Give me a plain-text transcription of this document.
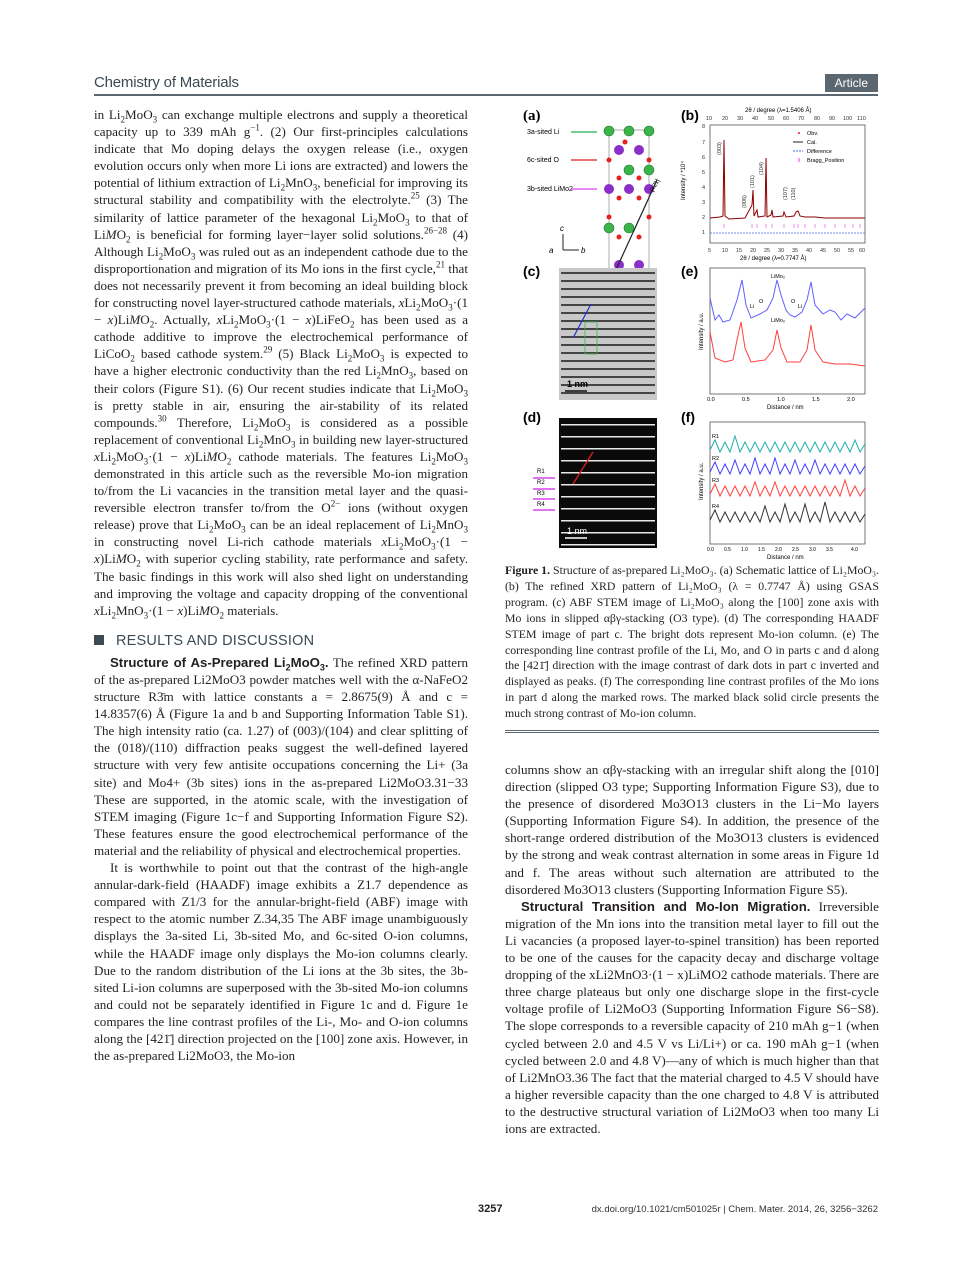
Chemistry of Materials	Article

in $Li_2MoO_3$ can exchange multiple electrons and supply a theoretical capacity up to 339 mAh $g^{-1}$. (2) Our first-principles calculations indicate that Mo doping delays the oxygen release (i.e., oxygen evolution occurs only when more Li ions are extracted) and lowers the potential of lithium extraction of $Li_2MnO_3$, beneficial for improving its structural stability and compatibility with the electrolyte.$^{25}$ (3) The similarity of lattice parameter of the hexagonal $Li_2MoO_3$ to that of LiMO$_2$ is beneficial for forming layer−layer solid solutions.$^{26-28}$ (4) Although $Li_2MoO_3$ was ruled out as an independent cathode due to the disproportionation and migration of its Mo ions in the first cycle,$^{21}$ that does not necessarily prevent it from becoming an ideal building block for constructing novel layer-structured cathode materials, xLi$_2$MoO$_3$·(1 − x)LiMO$_2$. Actually, xLi$_2$MoO$_3$·(1 − x)LiFeO$_2$ has been used as a cathode additive to improve the electrochemical performance of LiCoO$_2$ based cathode system.$^{29}$ (5) Black $Li_2MoO_3$ is expected to have a higher electronic conductivity than the red $Li_2MnO_3$, based on their colors (Figure S1). (6) Our recent studies indicate that $Li_2MoO_3$ is pretty stable in air, ensuring the air-stability of its related compounds.$^{30}$ Therefore, $Li_2MoO_3$ is considered as a possible replacement of conventional $Li_2MnO_3$ in building new layer-structured xLi$_2$MoO$_3$·(1 − x)LiMO$_2$ cathode materials. The features $Li_2MoO_3$ demonstrated in this article such as the reversible Mo-ion migration to/from the Li vacancies in the transition metal layer and the quasi-reversible electron transfer to/from the $O^{2-}$ ions (without oxygen release) prove that $Li_2MoO_3$ can be an ideal replacement of $Li_2MnO_3$ in constructing novel Li-rich cathode materials xLi$_2$MoO$_3$·(1 − x)LiMO$_2$ with superior cycling stability, rate performance and safety. The basic findings in this work will also shed light on understanding and improving the voltage and capacity dropping of the conventional xLi$_2$MnO$_3$·(1 − x)LiMO$_2$ materials.

RESULTS AND DISCUSSION

Structure of As-Prepared $Li_2MoO_3$. The refined XRD pattern of the as-prepared Li2MoO3 powder matches well with the α-NaFeO2 structure R3̄m with lattice constants a = 2.8675(9) Å and c = 14.8357(6) Å (Figure 1a and b and Supporting Information Table S1). The high intensity ratio (ca. 1.27) of (003)/(104) and clear splitting of the (018)/(110) diffraction peaks suggest the well-defined layered structure with very few antisite occupations concerning the Li+ (3a site) and Mo4+ (3b sites) ions in the as-prepared Li2MoO3.31−33 These are supported, in the atomic scale, with the investigation of STEM imaging (Figure 1c−f and Supporting Information Figure S2). These features ensure the good electrochemical performance of the material and the reliability of physical and electrochemical properties.

It is worthwhile to point out that the contrast of the high-angle annular-dark-field (HAADF) image exhibits a Z1.7 dependence as compared with Z1/3 for the annular-bright-field (ABF) image with respect to the atomic number Z.34,35 The ABF image unambiguously displays the 3a-sited Li, 3b-sited Mo, and 6c-sited O-ion columns, while the HAADF image only displays the Mo-ion columns clearly. Due to the random distribution of the Li ions at the 3b sites, the 3b-sited Li-ion columns are superposed with the 3b-sited Mo-ion columns and could not be separately identified in Figure 1c and d. Figure 1e compares the line contrast profiles of the Li-, Mo- and O-ion columns along the [421̄] direction projected on the [100] zone axis. However, in the as-prepared Li2MoO3, the Mo-ion

(a)
3a-sited Li
6c-sited O
3b-sited LiMo2	[42̄1]
c
b
a
(b)	2θ / degree (λ=1.5406 Å)
Intensity / *10⁴
8
7
6
5
4
3
2
1
10 20 30 40 50 60 70 80 90 100 110
5 10 15 20 25 30 35 40 45 50 55 60
2θ / degree (λ=0.7747 Å)
(003)
(104)
(101)
(006)
(110)
(107)
Obv.
Cal.
Difference
Bragg_Position
(c)
1 nm
(e)
Intensity / a.u.
LiMo₂
Li
O	O
Li
LiMo₂
0.0	0.5	1.0	1.5	2.0
Distance / nm
(d)
1 nm
R1
R2
R3
R4
(f)
Intensity / a.u.
R1
R2
R3
R4
0.0 0.5 1.0 1.5 2.0 2.5 3.0 3.5	4.0
Distance / nm
Figure 1. Structure of as-prepared Li₂MoO₃. (a) Schematic lattice of Li₂MoO₃. (b) The refined XRD pattern of Li₂MoO₃ (λ = 0.7747 Å) using GSAS program. (c) ABF STEM image of Li₂MoO₃ along the [100] zone axis with Mo ions in slipped αβγ-stacking (O3 type). (d) The corresponding HAADF STEM image of part c. The bright dots represent Mo-ion column. (e) The corresponding line contrast profile of the Li, Mo, and O in parts c and d along the [421̄] direction with the image contrast of dark dots in part c inverted and displayed as peaks. (f) The corresponding line contrast profiles of the Mo ions in part d along the marked rows. The marked black solid circle presents the much strong contrast of Mo-ion column.

columns show an αβγ-stacking with an irregular shift along the [010] direction (slipped O3 type; Supporting Information Figure S3), due to the presence of disordered Mo3O13 clusters in the Li−Mo layers (Supporting Information Figure S4). In addition, the presence of the short-range ordered distribution of the Mo3O13 clusters is evidenced by the strong and weak contrast alternation in some areas in Figure 1d and f. The areas without such alternation are attributed to the disordered Mo3O13 clusters (Supporting Information Figure S5).

Structural Transition and Mo-Ion Migration. Irreversible migration of the Mn ions into the transition metal layer to fill out the Li vacancies (a proposed layer-to-spinel transition) has been reported to be one of the causes for the capacity decay and discharge voltage dropping of the xLi2MnO3·(1 − x)LiMO2 cathode materials. There are three charge plateaus but only one discharge slope in the first-cycle voltage profile of Li2MoO3 (Supporting Information Figure S6−S8). The slope corresponds to a reversible capacity of 210 mAh g−1 (when cycled between 2.0 and 4.5 V vs Li/Li+) or ca. 190 mAh g−1 (when cycled between 2.0 and 4.8 V)—any of which is much higher than that of Li2MnO3.36 The fact that the material charged to 4.5 V should have a higher reversible capacity than the one charged to 4.8 V is attributed to the destructive structural variation of Li2MoO3 when too many Li ions are extracted.

3257	dx.doi.org/10.1021/cm501025r | Chem. Mater. 2014, 26, 3256−3262
